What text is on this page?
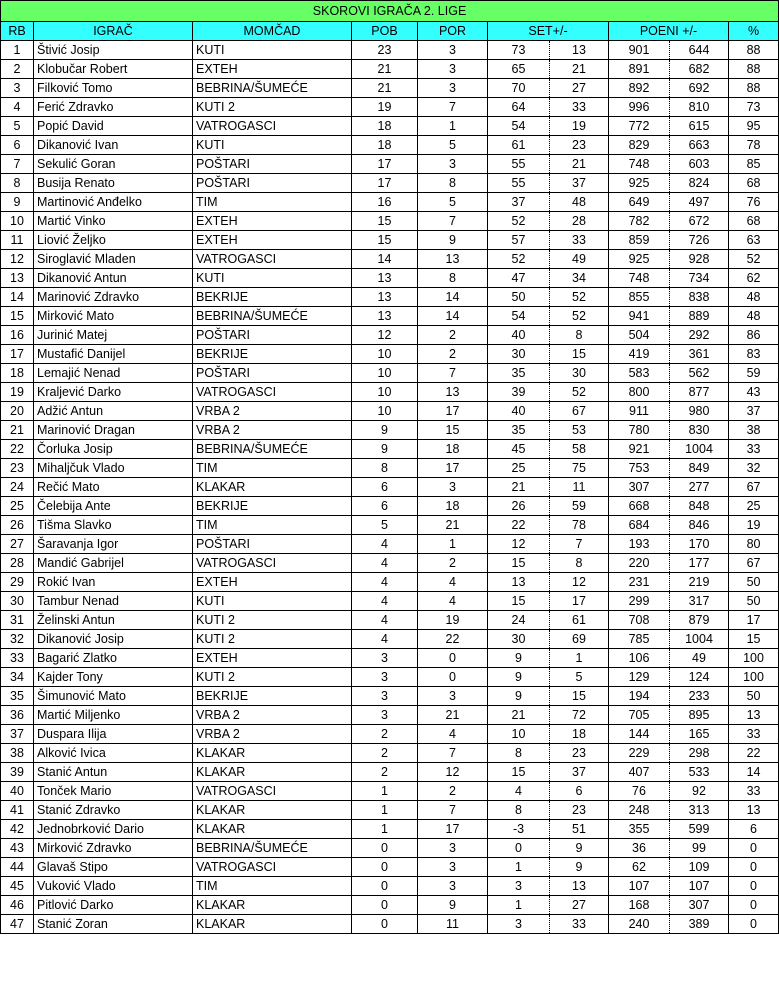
SKOROVI IGRAČA 2. LIGE									
RB	IGRAČ	MOMČAD	POB	POR	SET+/-		POENI +/-		%
1	Štivić Josip	KUTI	23	3	73	13	901	644	88
2	Klobučar Robert	EXTEH	21	3	65	21	891	682	88
3	Filković Tomo	BEBRINA/ŠUMEĆE	21	3	70	27	892	692	88
4	Ferić Zdravko	KUTI 2	19	7	64	33	996	810	73
5	Popić David	VATROGASCI	18	1	54	19	772	615	95
6	Dikanović Ivan	KUTI	18	5	61	23	829	663	78
7	Sekulić Goran	POŠTARI	17	3	55	21	748	603	85
8	Busija Renato	POŠTARI	17	8	55	37	925	824	68
9	Martinović Anđelko	TIM	16	5	37	48	649	497	76
10	Martić Vinko	EXTEH	15	7	52	28	782	672	68
11	Liović Željko	EXTEH	15	9	57	33	859	726	63
12	Siroglavić Mladen	VATROGASCI	14	13	52	49	925	928	52
13	Dikanović Antun	KUTI	13	8	47	34	748	734	62
14	Marinović Zdravko	BEKRIJE	13	14	50	52	855	838	48
15	Mirković Mato	BEBRINA/ŠUMEĆE	13	14	54	52	941	889	48
16	Jurinić Matej	POŠTARI	12	2	40	8	504	292	86
17	Mustafić Danijel	BEKRIJE	10	2	30	15	419	361	83
18	Lemajić Nenad	POŠTARI	10	7	35	30	583	562	59
19	Kraljević Darko	VATROGASCI	10	13	39	52	800	877	43
20	Adžić Antun	VRBA 2	10	17	40	67	911	980	37
21	Marinović Dragan	VRBA 2	9	15	35	53	780	830	38
22	Čorluka Josip	BEBRINA/ŠUMEĆE	9	18	45	58	921	1004	33
23	Mihaljčuk Vlado	TIM	8	17	25	75	753	849	32
24	Rečić Mato	KLAKAR	6	3	21	11	307	277	67
25	Čelebija Ante	BEKRIJE	6	18	26	59	668	848	25
26	Tišma Slavko	TIM	5	21	22	78	684	846	19
27	Šaravanja Igor	POŠTARI	4	1	12	7	193	170	80
28	Mandić Gabrijel	VATROGASCI	4	2	15	8	220	177	67
29	Rokić Ivan	EXTEH	4	4	13	12	231	219	50
30	Tambur Nenad	KUTI	4	4	15	17	299	317	50
31	Želinski Antun	KUTI 2	4	19	24	61	708	879	17
32	Dikanović Josip	KUTI 2	4	22	30	69	785	1004	15
33	Bagarić Zlatko	EXTEH	3	0	9	1	106	49	100
34	Kajder Tony	KUTI 2	3	0	9	5	129	124	100
35	Šimunović Mato	BEKRIJE	3	3	9	15	194	233	50
36	Martić Miljenko	VRBA 2	3	21	21	72	705	895	13
37	Duspara Ilija	VRBA 2	2	4	10	18	144	165	33
38	Alković Ivica	KLAKAR	2	7	8	23	229	298	22
39	Stanić Antun	KLAKAR	2	12	15	37	407	533	14
40	Tonček Mario	VATROGASCI	1	2	4	6	76	92	33
41	Stanić Zdravko	KLAKAR	1	7	8	23	248	313	13
42	Jednobrković Dario	KLAKAR	1	17	-3	51	355	599	6
43	Mirković Zdravko	BEBRINA/ŠUMEĆE	0	3	0	9	36	99	0
44	Glavaš Stipo	VATROGASCI	0	3	1	9	62	109	0
45	Vuković Vlado	TIM	0	3	3	13	107	107	0
46	Pitlović Darko	KLAKAR	0	9	1	27	168	307	0
47	Stanić Zoran	KLAKAR	0	11	3	33	240	389	0
